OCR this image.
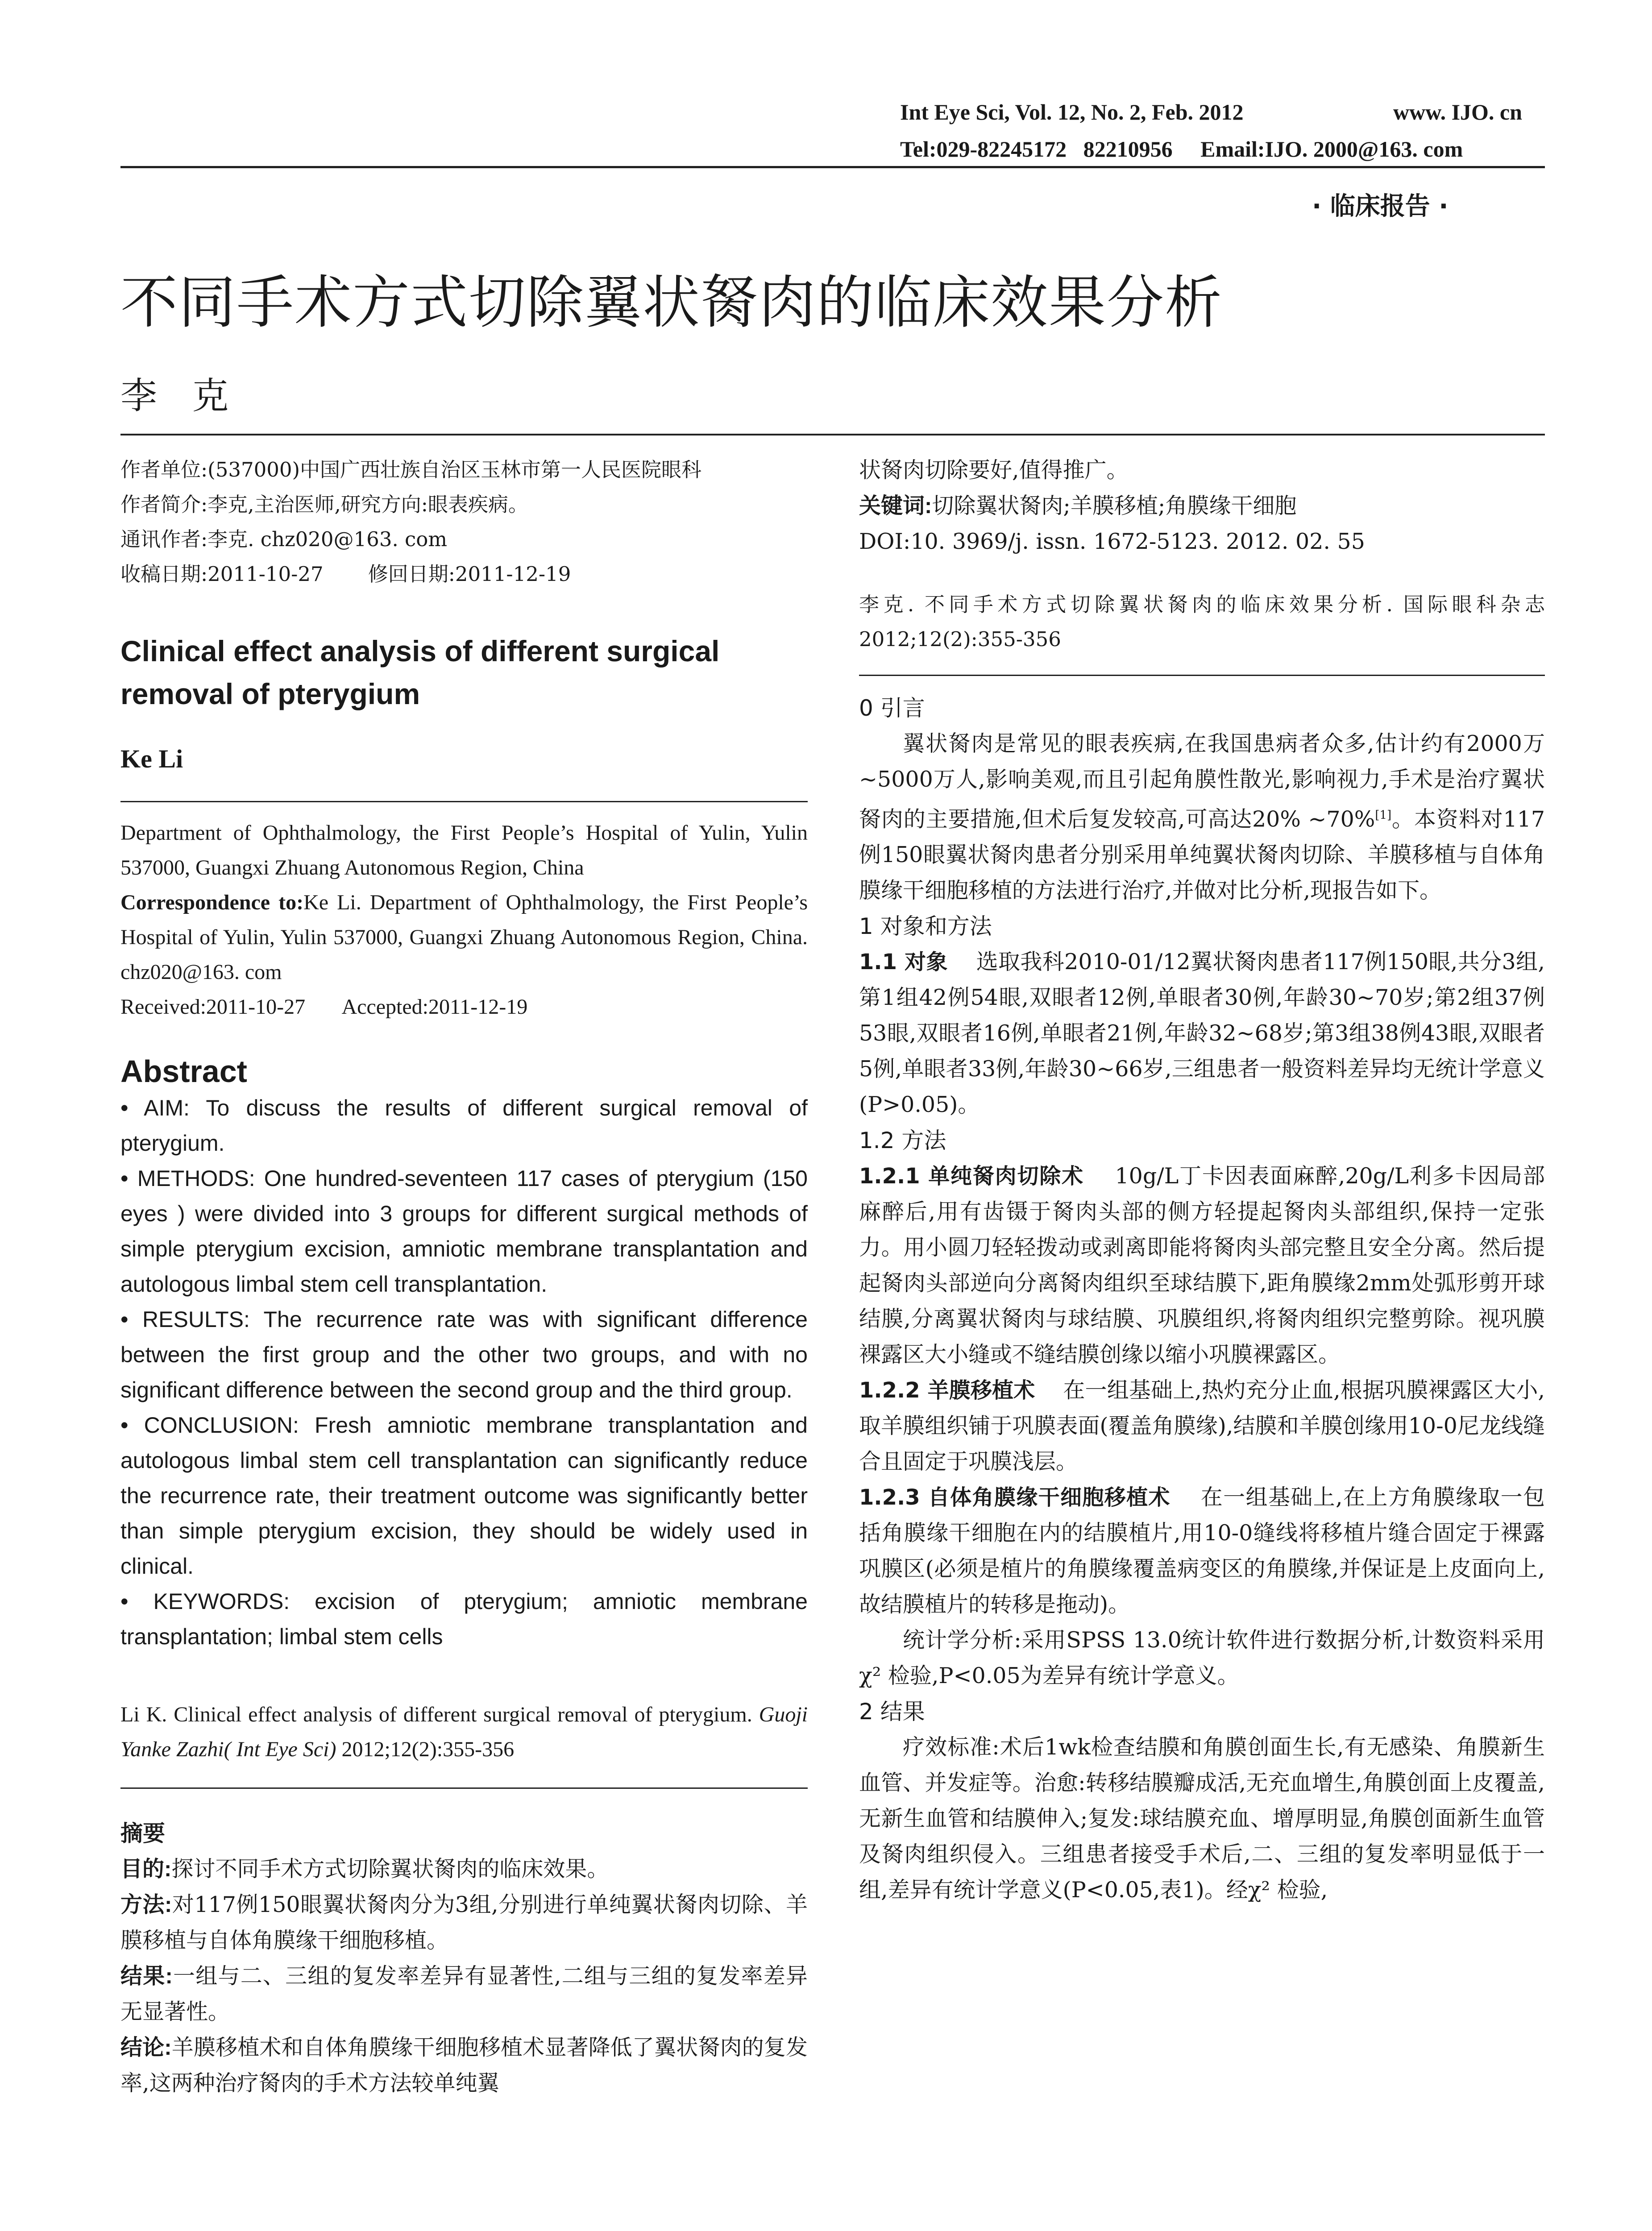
Int Eye Sci, Vol. 12, No. 2, Feb. 2012	www. IJO. cn
Tel:029-82245172   82210956     Email:IJO. 2000@163. com
· 临床报告 ·
不同手术方式切除翼状胬肉的临床效果分析
李   克

作者单位:(537000)中国广西壮族自治区玉林市第一人民医院眼科

作者简介:李克,主治医师,研究方向:眼表疾病。

通讯作者:李克. chz020@163. com

收稿日期:2011-10-27       修回日期:2011-12-19

Clinical effect analysis of different surgical removal of pterygium
Ke Li
Department of Ophthalmology, the First People’s Hospital of Yulin, Yulin 537000, Guangxi Zhuang Autonomous Region, China
Correspondence to:Ke Li. Department of Ophthalmology, the First People’s Hospital of Yulin, Yulin 537000, Guangxi Zhuang Autonomous Region, China. chz020@163. com
Received:2011-10-27       Accepted:2011-12-19
Abstract

• AIM: To discuss the results of different surgical removal of pterygium.

• METHODS: One hundred-seventeen 117 cases of pterygium (150 eyes ) were divided into 3 groups for different surgical methods of simple pterygium excision, amniotic membrane transplantation and autologous limbal stem cell transplantation.

• RESULTS: The recurrence rate was with significant difference between the first group and the other two groups, and with no significant difference between the second group and the third group.

• CONCLUSION: Fresh amniotic membrane transplantation and autologous limbal stem cell transplantation can significantly reduce the recurrence rate, their treatment outcome was significantly better than simple pterygium excision, they should be widely used in clinical.

• KEYWORDS: excision of pterygium; amniotic membrane transplantation; limbal stem cells

Li K. Clinical effect analysis of different surgical removal of pterygium. Guoji Yanke Zazhi( Int Eye Sci) 2012;12(2):355-356
摘要

目的:探讨不同手术方式切除翼状胬肉的临床效果。

方法:对117例150眼翼状胬肉分为3组,分别进行单纯翼状胬肉切除、羊膜移植与自体角膜缘干细胞移植。

结果:一组与二、三组的复发率差异有显著性,二组与三组的复发率差异无显著性。

结论:羊膜移植术和自体角膜缘干细胞移植术显著降低了翼状胬肉的复发率,这两种治疗胬肉的手术方法较单纯翼

状胬肉切除要好,值得推广。
关键词:切除翼状胬肉;羊膜移植;角膜缘干细胞
DOI:10. 3969/j. issn. 1672-5123. 2012. 02. 55
李克. 不同手术方式切除翼状胬肉的临床效果分析. 国际眼科杂志 2012;12(2):355-356
0 引言
翼状胬肉是常见的眼表疾病,在我国患病者众多,估计约有2000万~5000万人,影响美观,而且引起角膜性散光,影响视力,手术是治疗翼状胬肉的主要措施,但术后复发较高,可高达20% ~70%[1]。本资料对117例150眼翼状胬肉患者分别采用单纯翼状胬肉切除、羊膜移植与自体角膜缘干细胞移植的方法进行治疗,并做对比分析,现报告如下。
1 对象和方法
1.1 对象 选取我科2010-01/12翼状胬肉患者117例150眼,共分3组,第1组42例54眼,双眼者12例,单眼者30例,年龄30~70岁;第2组37例53眼,双眼者16例,单眼者21例,年龄32~68岁;第3组38例43眼,双眼者5例,单眼者33例,年龄30~66岁,三组患者一般资料差异均无统计学意义(P>0.05)。
1.2 方法
1.2.1 单纯胬肉切除术 10g/L丁卡因表面麻醉,20g/L利多卡因局部麻醉后,用有齿镊于胬肉头部的侧方轻提起胬肉头部组织,保持一定张力。用小圆刀轻轻拨动或剥离即能将胬肉头部完整且安全分离。然后提起胬肉头部逆向分离胬肉组织至球结膜下,距角膜缘2mm处弧形剪开球结膜,分离翼状胬肉与球结膜、巩膜组织,将胬肉组织完整剪除。视巩膜裸露区大小缝或不缝结膜创缘以缩小巩膜裸露区。
1.2.2 羊膜移植术 在一组基础上,热灼充分止血,根据巩膜裸露区大小,取羊膜组织铺于巩膜表面(覆盖角膜缘),结膜和羊膜创缘用10-0尼龙线缝合且固定于巩膜浅层。
1.2.3 自体角膜缘干细胞移植术 在一组基础上,在上方角膜缘取一包括角膜缘干细胞在内的结膜植片,用10-0缝线将移植片缝合固定于裸露巩膜区(必须是植片的角膜缘覆盖病变区的角膜缘,并保证是上皮面向上,故结膜植片的转移是拖动)。
统计学分析:采用SPSS 13.0统计软件进行数据分析,计数资料采用χ² 检验,P<0.05为差异有统计学意义。
2 结果
疗效标准:术后1wk检查结膜和角膜创面生长,有无感染、角膜新生血管、并发症等。治愈:转移结膜瓣成活,无充血增生,角膜创面上皮覆盖,无新生血管和结膜伸入;复发:球结膜充血、增厚明显,角膜创面新生血管及胬肉组织侵入。三组患者接受手术后,二、三组的复发率明显低于一组,差异有统计学意义(P<0.05,表1)。经χ² 检验,
